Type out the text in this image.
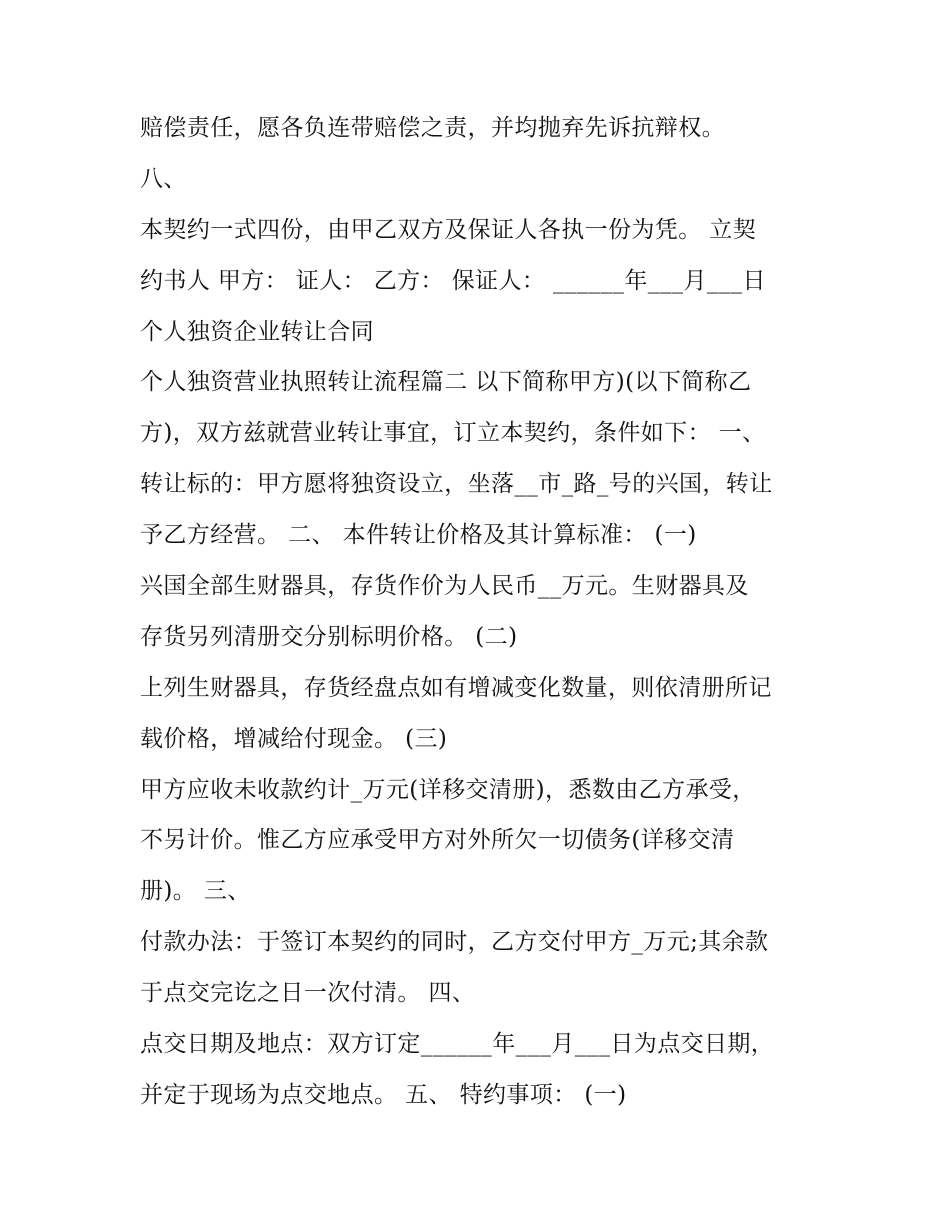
赔偿责任，愿各负连带赔偿之责，并均抛弃先诉抗辩权。
八、
本契约一式四份，由甲乙双方及保证人各执一份为凭。 立契
约书人 甲方： 证人： 乙方： 保证人： ______年___月___日
个人独资企业转让合同
个人独资营业执照转让流程篇二 以下简称甲方)(以下简称乙
方)，双方兹就营业转让事宜，订立本契约，条件如下： 一、
转让标的：甲方愿将独资设立，坐落__市_路_号的兴国，转让
予乙方经营。 二、 本件转让价格及其计算标准： (一)
兴国全部生财器具，存货作价为人民币__万元。生财器具及
存货另列清册交分别标明价格。 (二)
上列生财器具，存货经盘点如有增减变化数量，则依清册所记
载价格，增减给付现金。 (三)
甲方应收未收款约计_万元(详移交清册)，悉数由乙方承受，
不另计价。惟乙方应承受甲方对外所欠一切债务(详移交清
册)。 三、
付款办法：于签订本契约的同时，乙方交付甲方_万元;其余款
于点交完讫之日一次付清。 四、
点交日期及地点：双方订定______年___月___日为点交日期，
并定于现场为点交地点。 五、 特约事项： (一)
